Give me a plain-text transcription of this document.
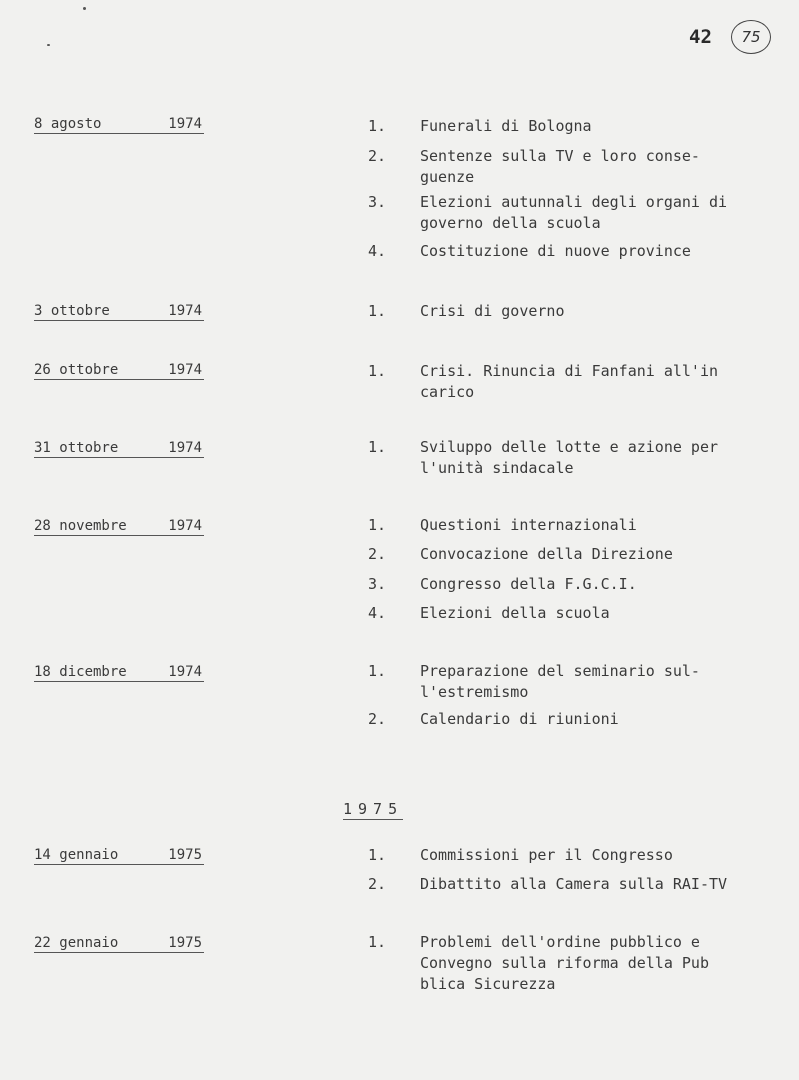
42	75
8 agosto	1974	1. Funerali di Bologna
2. Sentenze sulla TV e loro conse-
guenze
3. Elezioni autunnali degli organi di
governo della scuola
4. Costituzione di nuove province
3 ottobre	1974	1. Crisi di governo
26 ottobre	1974	1. Crisi. Rinuncia di Fanfani all'in
carico
31 ottobre	1974	1. Sviluppo delle lotte e azione per
l'unità sindacale
28 novembre	1974	1. Questioni internazionali
2. Convocazione della Direzione
3. Congresso della F.G.C.I.
4. Elezioni della scuola
18 dicembre	1974	1. Preparazione del seminario sul-
l'estremismo
2. Calendario di riunioni
1975
14 gennaio	1975	1. Commissioni per il Congresso
2. Dibattito alla Camera sulla RAI-TV
22 gennaio	1975	1. Problemi dell'ordine pubblico e
Convegno sulla riforma della Pub
blica Sicurezza
